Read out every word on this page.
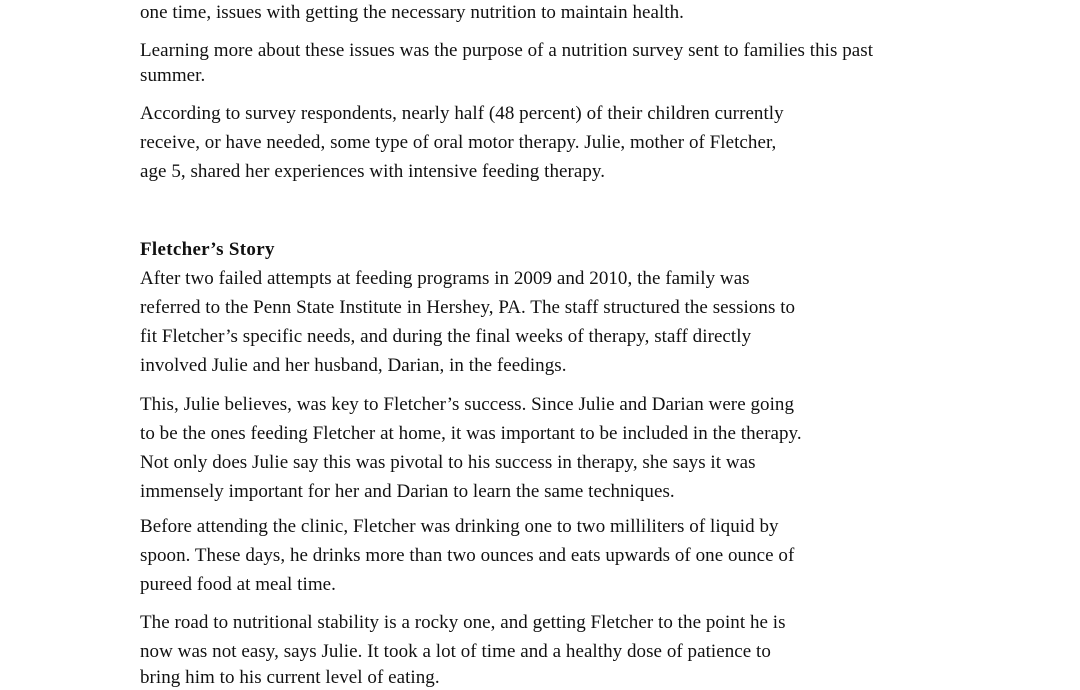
one time, issues with getting the necessary nutrition to maintain health.
Learning more about these issues was the purpose of a nutrition survey sent to families this past
summer.
According to survey respondents, nearly half (48 percent) of their children currently
receive, or have needed, some type of oral motor therapy. Julie, mother of Fletcher,
age 5, shared her experiences with intensive feeding therapy.
Fletcher’s Story
After two failed attempts at feeding programs in 2009 and 2010, the family was
referred to the Penn State Institute in Hershey, PA. The staff structured the sessions to
fit Fletcher’s specific needs, and during the final weeks of therapy, staff directly
involved Julie and her husband, Darian, in the feedings.
This, Julie believes, was key to Fletcher’s success. Since Julie and Darian were going
to be the ones feeding Fletcher at home, it was important to be included in the therapy.
Not only does Julie say this was pivotal to his success in therapy, she says it was
immensely important for her and Darian to learn the same techniques.
Before attending the clinic, Fletcher was drinking one to two milliliters of liquid by
spoon. These days, he drinks more than two ounces and eats upwards of one ounce of
pureed food at meal time.
The road to nutritional stability is a rocky one, and getting Fletcher to the point he is
now was not easy, says Julie. It took a lot of time and a healthy dose of patience to
bring him to his current level of eating.
